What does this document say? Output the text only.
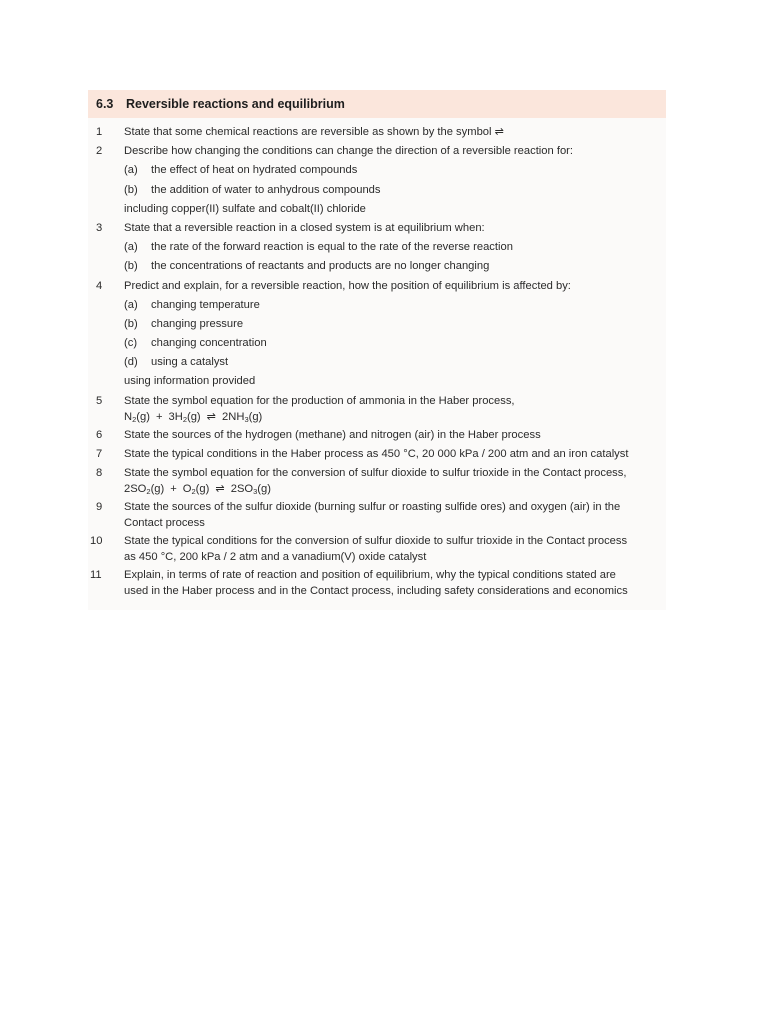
6.3	Reversible reactions and equilibrium
1 State that some chemical reactions are reversible as shown by the symbol ⇌
2 Describe how changing the conditions can change the direction of a reversible reaction for:
(a) the effect of heat on hydrated compounds
(b) the addition of water to anhydrous compounds
including copper(II) sulfate and cobalt(II) chloride
3 State that a reversible reaction in a closed system is at equilibrium when:
(a) the rate of the forward reaction is equal to the rate of the reverse reaction
(b) the concentrations of reactants and products are no longer changing
4 Predict and explain, for a reversible reaction, how the position of equilibrium is affected by:
(a) changing temperature
(b) changing pressure
(c) changing concentration
(d) using a catalyst
using information provided
5 State the symbol equation for the production of ammonia in the Haber process,
$N_2(g) + 3H_2(g)$ ⇌ $2NH_3(g)$
6 State the sources of the hydrogen (methane) and nitrogen (air) in the Haber process
7 State the typical conditions in the Haber process as 450 °C, 20 000 kPa / 200 atm and an iron catalyst
8 State the symbol equation for the conversion of sulfur dioxide to sulfur trioxide in the Contact process,
$2SO_2(g) + O_2(g)$ ⇌ $2SO_3(g)$
9 State the sources of the sulfur dioxide (burning sulfur or roasting sulfide ores) and oxygen (air) in the
Contact process
10 State the typical conditions for the conversion of sulfur dioxide to sulfur trioxide in the Contact process
as 450 °C, 200 kPa / 2 atm and a vanadium(V) oxide catalyst
11 Explain, in terms of rate of reaction and position of equilibrium, why the typical conditions stated are
used in the Haber process and in the Contact process, including safety considerations and economics
